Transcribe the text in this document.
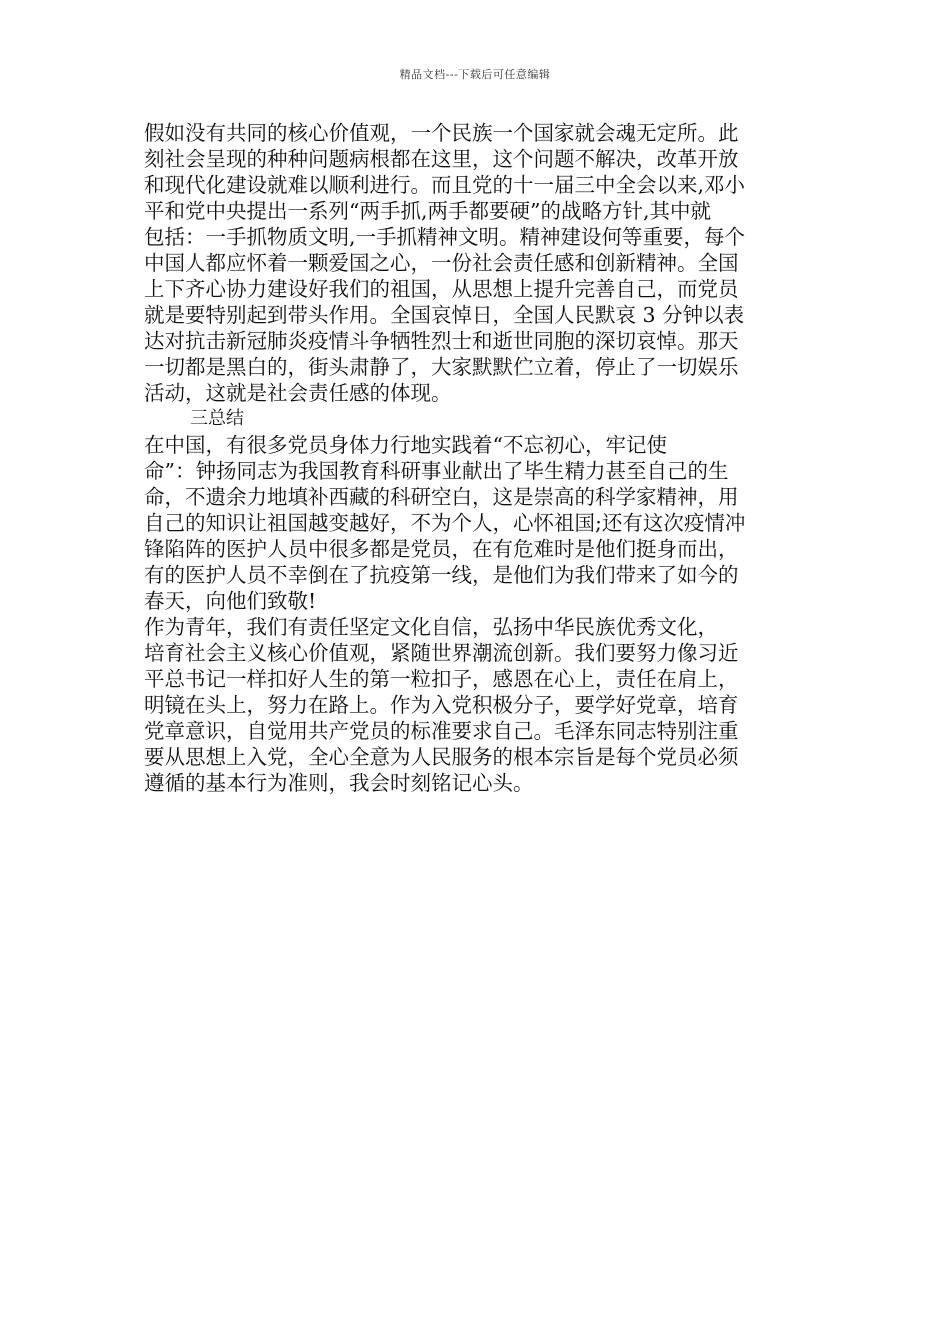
精品文档---下载后可任意编辑
假如没有共同的核心价值观，一个民族一个国家就会魂无定所。此
刻社会呈现的种种问题病根都在这里，这个问题不解决，改革开放
和现代化建设就难以顺利进行。而且党的十一届三中全会以来,邓小
平和党中央提出一系列“两手抓,两手都要硬”的战略方针,其中就
包括：一手抓物质文明,一手抓精神文明。精神建设何等重要，每个
中国人都应怀着一颗爱国之心，一份社会责任感和创新精神。全国
上下齐心协力建设好我们的祖国，从思想上提升完善自己，而党员
就是要特别起到带头作用。全国哀悼日，全国人民默哀 3 分钟以表
达对抗击新冠肺炎疫情斗争牺牲烈士和逝世同胞的深切哀悼。那天
一切都是黑白的，街头肃静了，大家默默伫立着，停止了一切娱乐
活动，这就是社会责任感的体现。
三总结
在中国，有很多党员身体力行地实践着“不忘初心，牢记使
命”：钟扬同志为我国教育科研事业献出了毕生精力甚至自己的生
命，不遗余力地填补西藏的科研空白，这是崇高的科学家精神，用
自己的知识让祖国越变越好，不为个人，心怀祖国;还有这次疫情冲
锋陷阵的医护人员中很多都是党员，在有危难时是他们挺身而出，
有的医护人员不幸倒在了抗疫第一线，是他们为我们带来了如今的
春天，向他们致敬!
作为青年，我们有责任坚定文化自信，弘扬中华民族优秀文化，
培育社会主义核心价值观，紧随世界潮流创新。我们要努力像习近
平总书记一样扣好人生的第一粒扣子，感恩在心上，责任在肩上，
明镜在头上，努力在路上。作为入党积极分子，要学好党章，培育
党章意识，自觉用共产党员的标准要求自己。毛泽东同志特别注重
要从思想上入党，全心全意为人民服务的根本宗旨是每个党员必须
遵循的基本行为准则，我会时刻铭记心头。
